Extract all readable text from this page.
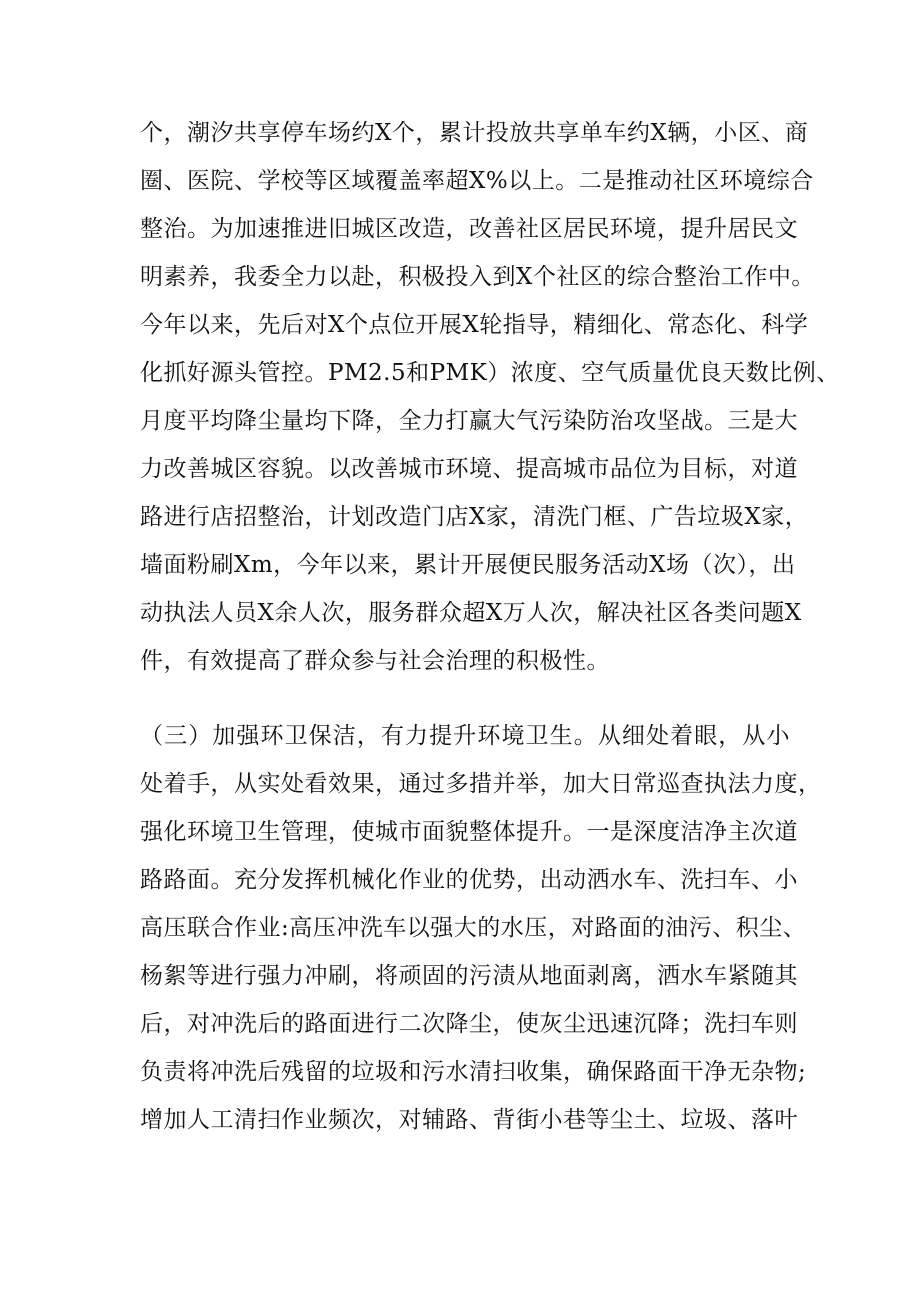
个，潮汐共享停车场约X个，累计投放共享单车约X辆，小区、商
圈、医院、学校等区域覆盖率超X%以上。二是推动社区环境综合
整治。为加速推进旧城区改造，改善社区居民环境，提升居民文
明素养，我委全力以赴，积极投入到X个社区的综合整治工作中。
今年以来，先后对X个点位开展X轮指导，精细化、常态化、科学
化抓好源头管控。PM2.5和PMK）浓度、空气质量优良天数比例、
月度平均降尘量均下降，全力打赢大气污染防治攻坚战。三是大
力改善城区容貌。以改善城市环境、提高城市品位为目标，对道
路进行店招整治，计划改造门店X家，清洗门框、广告垃圾X家，
墙面粉刷Xm，今年以来，累计开展便民服务活动X场（次），出
动执法人员X余人次，服务群众超X万人次，解决社区各类问题X
件，有效提高了群众参与社会治理的积极性。
（三）加强环卫保洁，有力提升环境卫生。从细处着眼，从小
处着手，从实处看效果，通过多措并举，加大日常巡查执法力度，
强化环境卫生管理，使城市面貌整体提升。一是深度洁净主次道
路路面。充分发挥机械化作业的优势，出动洒水车、洗扫车、小
高压联合作业:高压冲洗车以强大的水压，对路面的油污、积尘、
杨絮等进行强力冲刷，将顽固的污渍从地面剥离，洒水车紧随其
后，对冲洗后的路面进行二次降尘，使灰尘迅速沉降；洗扫车则
负责将冲洗后残留的垃圾和污水清扫收集，确保路面干净无杂物;
增加人工清扫作业频次，对辅路、背街小巷等尘土、垃圾、落叶
